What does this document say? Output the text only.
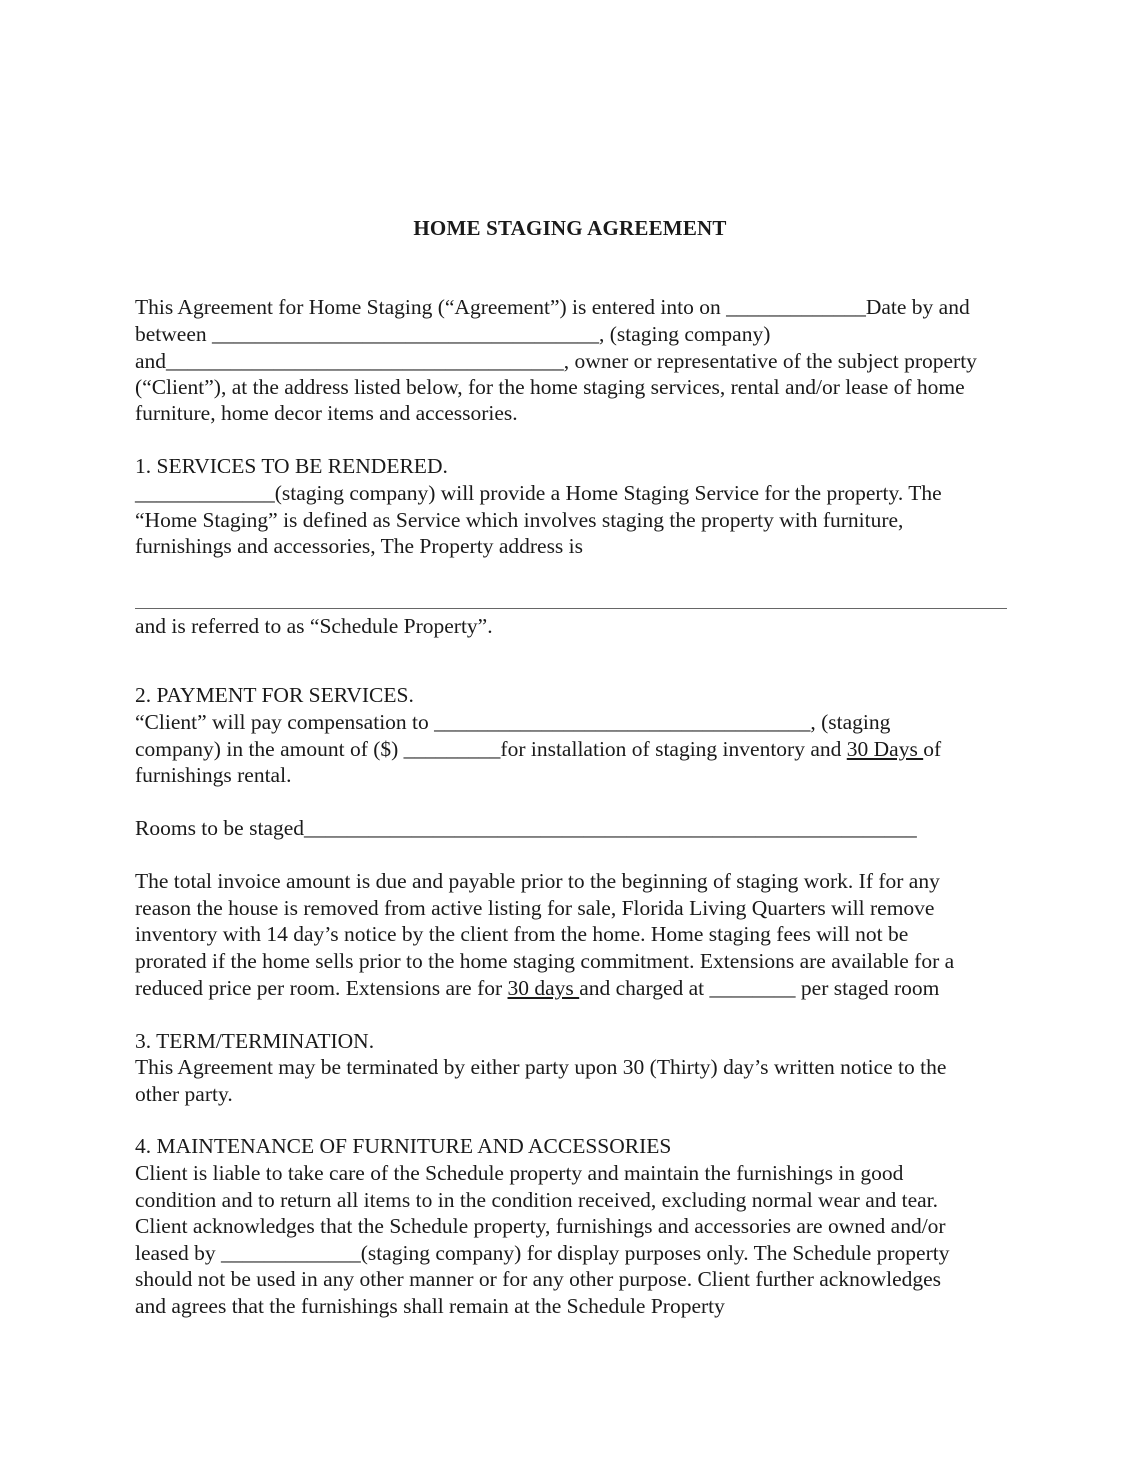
HOME STAGING AGREEMENT
This Agreement for Home Staging (“Agreement”) is entered into on _____________Date by and
between ____________________________________, (staging company)
and_____________________________________, owner or representative of the subject property
(“Client”), at the address listed below, for the home staging services, rental and/or lease of home
furniture, home decor items and accessories.
1. SERVICES TO BE RENDERED.
_____________(staging company) will provide a Home Staging Service for the property. The
“Home Staging” is defined as Service which involves staging the property with furniture,
furnishings and accessories, The Property address is
and is referred to as “Schedule Property”.
2. PAYMENT FOR SERVICES.
“Client” will pay compensation to ___________________________________, (staging
company) in the amount of ($) _________for installation of staging inventory and 30 Days of
furnishings rental.
Rooms to be staged_________________________________________________________
The total invoice amount is due and payable prior to the beginning of staging work. If for any
reason the house is removed from active listing for sale, Florida Living Quarters will remove
inventory with 14 day’s notice by the client from the home. Home staging fees will not be
prorated if the home sells prior to the home staging commitment. Extensions are available for a
reduced price per room. Extensions are for 30 days and charged at ________ per staged room
3. TERM/TERMINATION.
This Agreement may be terminated by either party upon 30 (Thirty) day’s written notice to the
other party.
4. MAINTENANCE OF FURNITURE AND ACCESSORIES
Client is liable to take care of the Schedule property and maintain the furnishings in good
condition and to return all items to in the condition received, excluding normal wear and tear.
Client acknowledges that the Schedule property, furnishings and accessories are owned and/or
leased by _____________(staging company) for display purposes only. The Schedule property
should not be used in any other manner or for any other purpose. Client further acknowledges
and agrees that the furnishings shall remain at the Schedule Property
